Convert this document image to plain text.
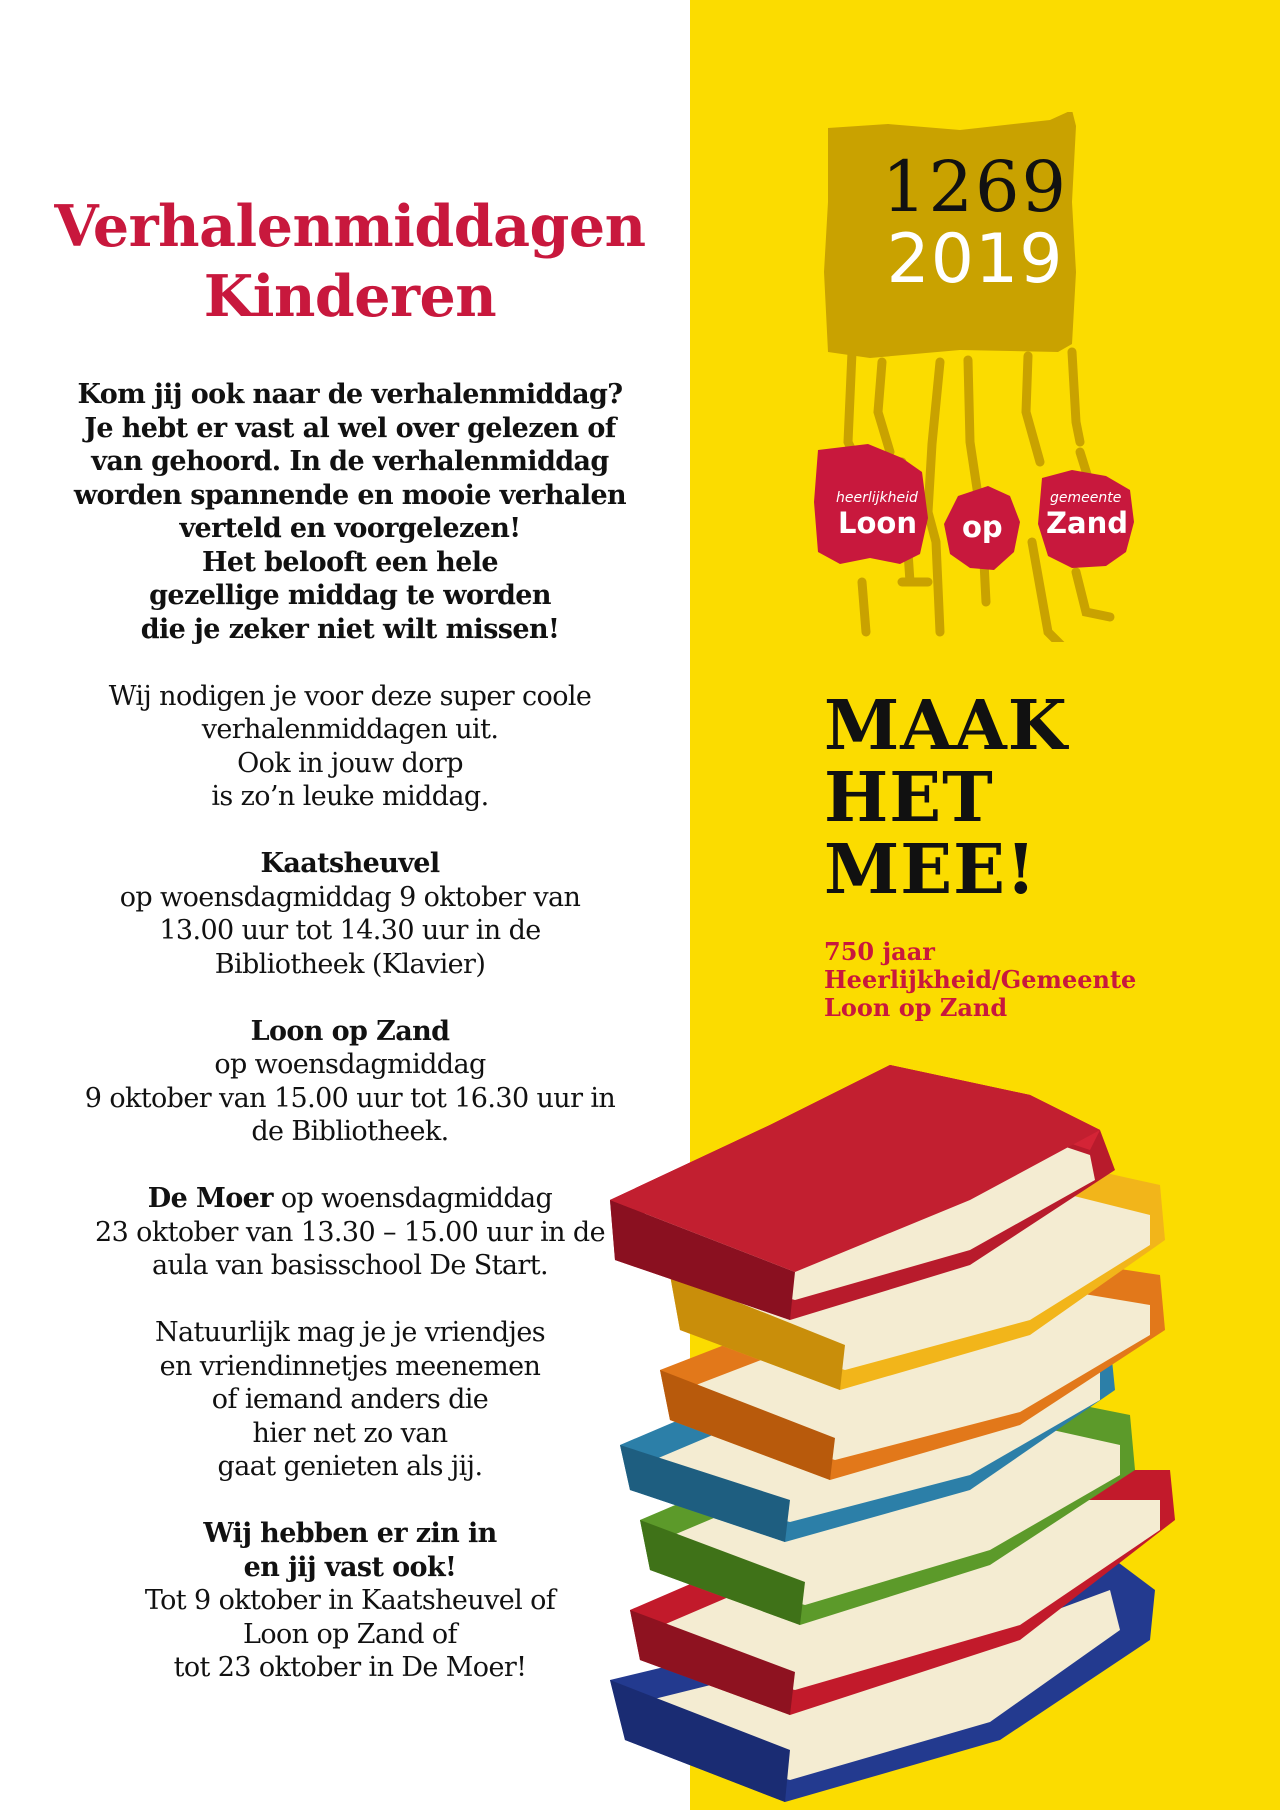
Verhalenmiddagen
Kinderen
Kom jij ook naar de verhalenmiddag?
Je hebt er vast al wel over gelezen of
van gehoord. In de verhalenmiddag
worden spannende en mooie verhalen
verteld en voorgelezen!
Het belooft een hele
gezellige middag te worden
die je zeker niet wilt missen!
Wij nodigen je voor deze super coole
verhalenmiddagen uit.
Ook in jouw dorp
is zo’n leuke middag.
Kaatsheuvel
op woensdagmiddag 9 oktober van
13.00 uur tot 14.30 uur in de
Bibliotheek (Klavier)
Loon op Zand
op woensdagmiddag
9 oktober van 15.00 uur tot 16.30 uur in
de Bibliotheek.
De Moer op woensdagmiddag
23 oktober van 13.30 – 15.00 uur in de
aula van basisschool De Start.
Natuurlijk mag je je vriendjes
en vriendinnetjes meenemen
of iemand anders die
hier net zo van
gaat genieten als jij.
Wij hebben er zin in
en jij vast ook!
Tot 9 oktober in Kaatsheuvel of
Loon op Zand of
tot 23 oktober in De Moer!
1269
2019
heerlijkheid
Loon op
gemeente
Zand
MAAK
HET
MEE!
750 jaar
Heerlijkheid/Gemeente
Loon op Zand
